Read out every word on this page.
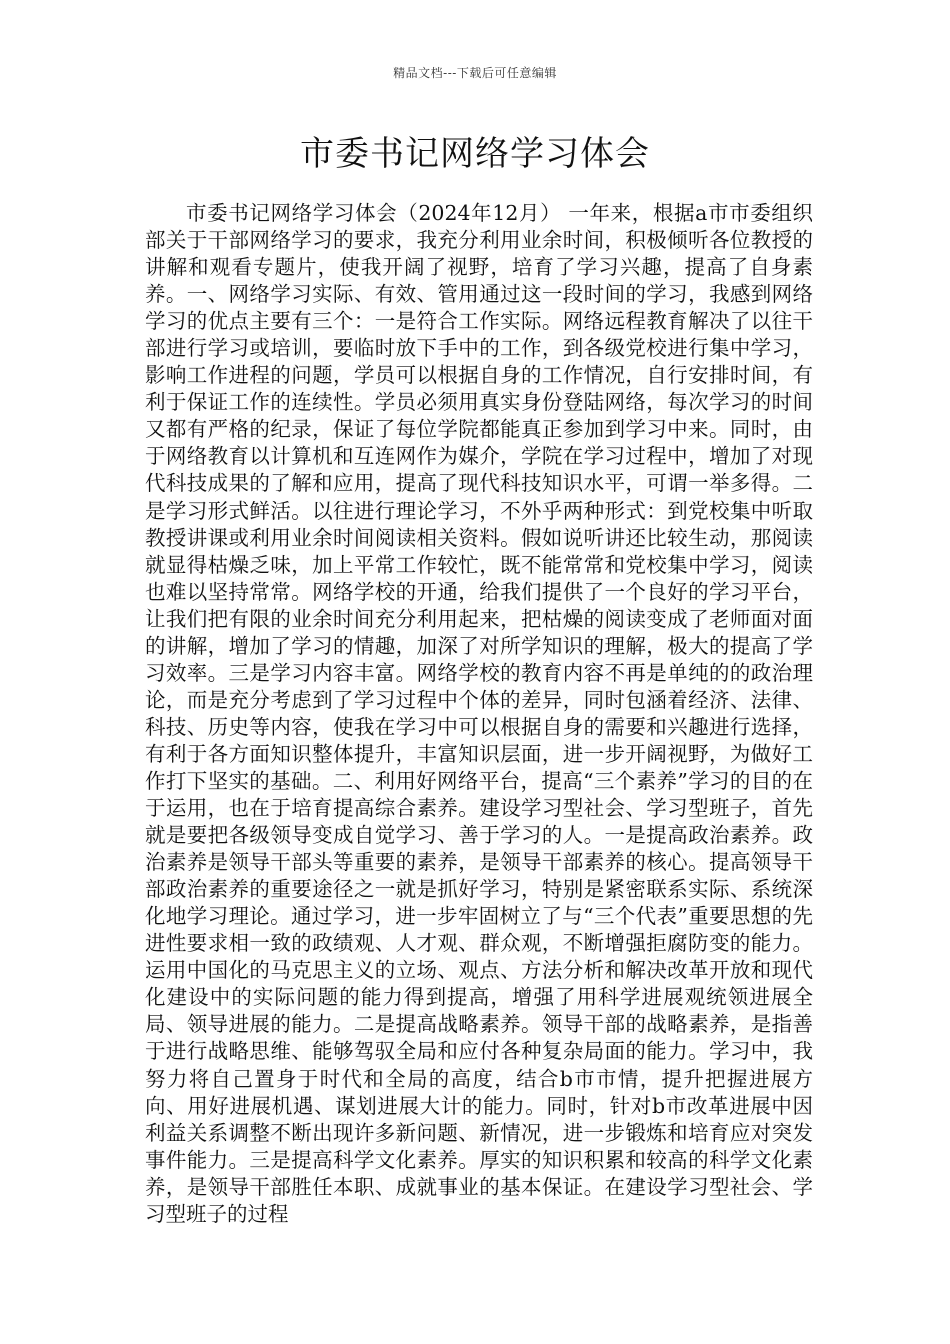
精品文档---下载后可任意编辑
市委书记网络学习体会

市委书记网络学习体会（2024年12月） 一年来，根据a市市委组织部关于干部网络学习的要求，我充分利用业余时间，积极倾听各位教授的讲解和观看专题片，使我开阔了视野，培育了学习兴趣，提高了自身素养。一、网络学习实际、有效、管用通过这一段时间的学习，我感到网络学习的优点主要有三个：一是符合工作实际。网络远程教育解决了以往干部进行学习或培训，要临时放下手中的工作，到各级党校进行集中学习，影响工作进程的问题，学员可以根据自身的工作情况，自行安排时间，有利于保证工作的连续性。学员必须用真实身份登陆网络，每次学习的时间又都有严格的纪录，保证了每位学院都能真正参加到学习中来。同时，由于网络教育以计算机和互连网作为媒介，学院在学习过程中，增加了对现代科技成果的了解和应用，提高了现代科技知识水平，可谓一举多得。二是学习形式鲜活。以往进行理论学习，不外乎两种形式：到党校集中听取教授讲课或利用业余时间阅读相关资料。假如说听讲还比较生动，那阅读就显得枯燥乏味，加上平常工作较忙，既不能常常和党校集中学习，阅读也难以坚持常常。网络学校的开通，给我们提供了一个良好的学习平台，让我们把有限的业余时间充分利用起来，把枯燥的阅读变成了老师面对面的讲解，增加了学习的情趣，加深了对所学知识的理解，极大的提高了学习效率。三是学习内容丰富。网络学校的教育内容不再是单纯的的政治理论，而是充分考虑到了学习过程中个体的差异，同时包涵着经济、法律、科技、历史等内容，使我在学习中可以根据自身的需要和兴趣进行选择，有利于各方面知识整体提升，丰富知识层面，进一步开阔视野，为做好工作打下坚实的基础。二、利用好网络平台，提高“三个素养”学习的目的在于运用，也在于培育提高综合素养。建设学习型社会、学习型班子，首先就是要把各级领导变成自觉学习、善于学习的人。一是提高政治素养。政治素养是领导干部头等重要的素养，是领导干部素养的核心。提高领导干部政治素养的重要途径之一就是抓好学习，特别是紧密联系实际、系统深化地学习理论。通过学习，进一步牢固树立了与“三个代表”重要思想的先进性要求相一致的政绩观、人才观、群众观，不断增强拒腐防变的能力。运用中国化的马克思主义的立场、观点、方法分析和解决改革开放和现代化建设中的实际问题的能力得到提高，增强了用科学进展观统领进展全局、领导进展的能力。二是提高战略素养。领导干部的战略素养，是指善于进行战略思维、能够驾驭全局和应付各种复杂局面的能力。学习中，我努力将自己置身于时代和全局的高度，结合b市市情，提升把握进展方向、用好进展机遇、谋划进展大计的能力。同时，针对b市改革进展中因利益关系调整不断出现许多新问题、新情况，进一步锻炼和培育应对突发事件能力。三是提高科学文化素养。厚实的知识积累和较高的科学文化素养，是领导干部胜任本职、成就事业的基本保证。在建设学习型社会、学习型班子的过程
